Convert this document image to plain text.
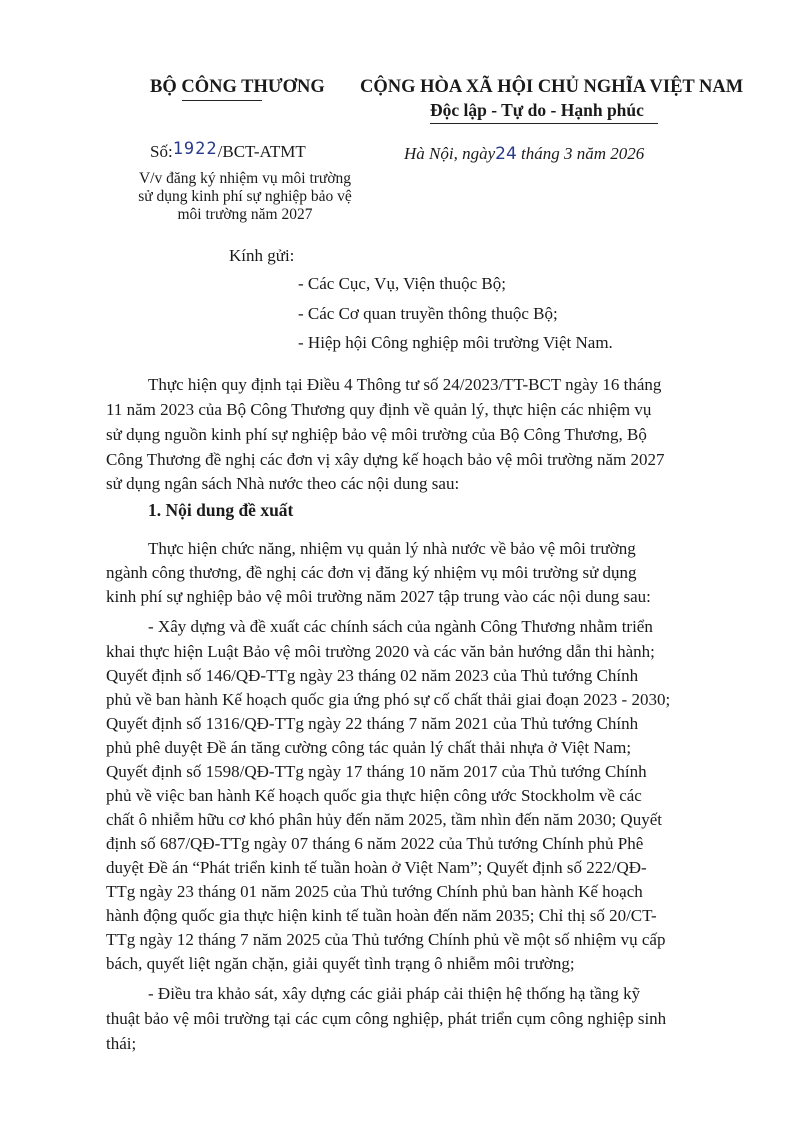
BỘ CÔNG THƯƠNG CỘNG HÒA XÃ HỘI CHỦ NGHĨA VIỆT NAM
Độc lập - Tự do - Hạnh phúc
Số:1922/BCT-ATMT	Hà Nội, ngày24 tháng 3 năm 2026
V/v đăng ký nhiệm vụ môi trường
sử dụng kinh phí sự nghiệp bảo vệ
môi trường năm 2027
Kính gửi:
- Các Cục, Vụ, Viện thuộc Bộ;
- Các Cơ quan truyền thông thuộc Bộ;
- Hiệp hội Công nghiệp môi trường Việt Nam.
Thực hiện quy định tại Điều 4 Thông tư số 24/2023/TT-BCT ngày 16 tháng
11 năm 2023 của Bộ Công Thương quy định về quản lý, thực hiện các nhiệm vụ
sử dụng nguồn kinh phí sự nghiệp bảo vệ môi trường của Bộ Công Thương, Bộ
Công Thương đề nghị các đơn vị xây dựng kế hoạch bảo vệ môi trường năm 2027
sử dụng ngân sách Nhà nước theo các nội dung sau:
1. Nội dung đề xuất
Thực hiện chức năng, nhiệm vụ quản lý nhà nước về bảo vệ môi trường
ngành công thương, đề nghị các đơn vị đăng ký nhiệm vụ môi trường sử dụng
kinh phí sự nghiệp bảo vệ môi trường năm 2027 tập trung vào các nội dung sau:
- Xây dựng và đề xuất các chính sách của ngành Công Thương nhằm triển
khai thực hiện Luật Bảo vệ môi trường 2020 và các văn bản hướng dẫn thi hành;
Quyết định số 146/QĐ-TTg ngày 23 tháng 02 năm 2023 của Thủ tướng Chính
phủ về ban hành Kế hoạch quốc gia ứng phó sự cố chất thải giai đoạn 2023 - 2030;
Quyết định số 1316/QĐ-TTg ngày 22 tháng 7 năm 2021 của Thủ tướng Chính
phủ phê duyệt Đề án tăng cường công tác quản lý chất thải nhựa ở Việt Nam;
Quyết định số 1598/QĐ-TTg ngày 17 tháng 10 năm 2017 của Thủ tướng Chính
phủ về việc ban hành Kế hoạch quốc gia thực hiện công ước Stockholm về các
chất ô nhiễm hữu cơ khó phân hủy đến năm 2025, tầm nhìn đến năm 2030; Quyết
định số 687/QĐ-TTg ngày 07 tháng 6 năm 2022 của Thủ tướng Chính phủ Phê
duyệt Đề án “Phát triển kinh tế tuần hoàn ở Việt Nam”; Quyết định số 222/QĐ-
TTg ngày 23 tháng 01 năm 2025 của Thủ tướng Chính phủ ban hành Kế hoạch
hành động quốc gia thực hiện kinh tế tuần hoàn đến năm 2035; Chỉ thị số 20/CT-
TTg ngày 12 tháng 7 năm 2025 của Thủ tướng Chính phủ về một số nhiệm vụ cấp
bách, quyết liệt ngăn chặn, giải quyết tình trạng ô nhiễm môi trường;
- Điều tra khảo sát, xây dựng các giải pháp cải thiện hệ thống hạ tầng kỹ
thuật bảo vệ môi trường tại các cụm công nghiệp, phát triển cụm công nghiệp sinh
thái;
